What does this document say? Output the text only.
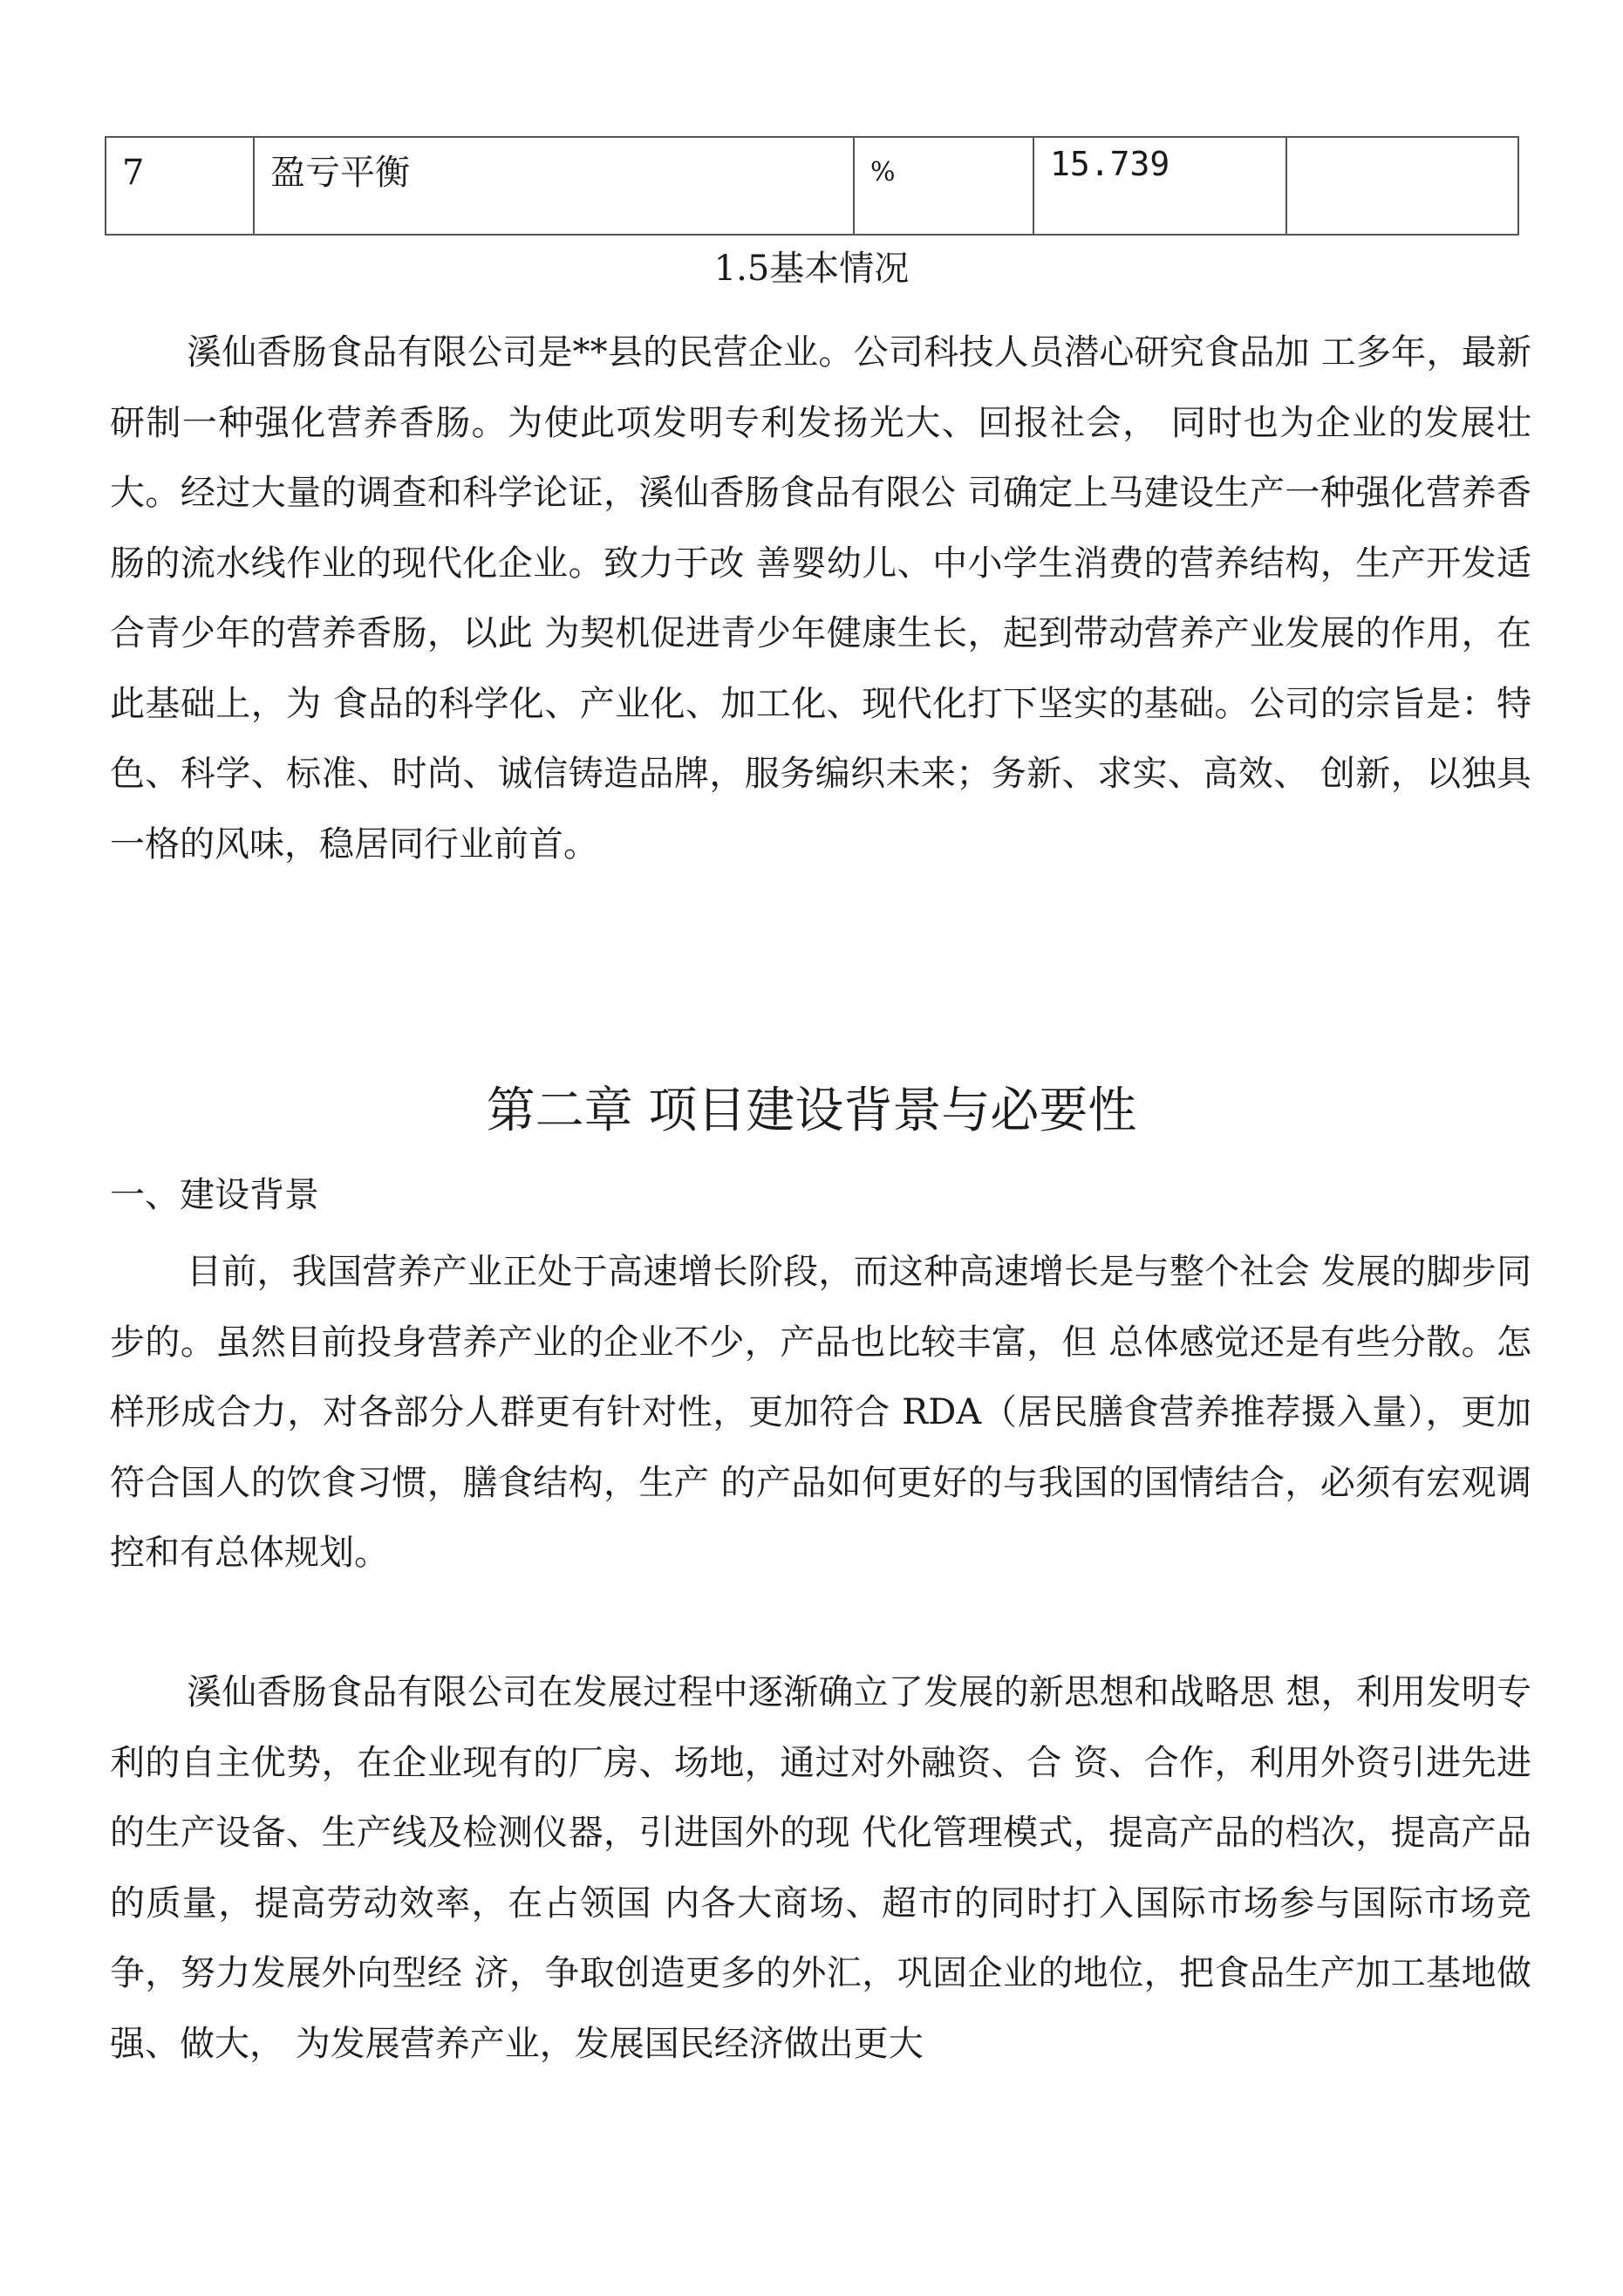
7	盈亏平衡	%	15.739	
1.5基本情况

溪仙香肠食品有限公司是**县的民营企业。公司科技人员潜心研究食品加 工多年，最新研制一种强化营养香肠。为使此项发明专利发扬光大、回报社会， 同时也为企业的发展壮大。经过大量的调查和科学论证，溪仙香肠食品有限公 司确定上马建设生产一种强化营养香肠的流水线作业的现代化企业。致力于改 善婴幼儿、中小学生消费的营养结构，生产开发适合青少年的营养香肠，以此 为契机促进青少年健康生长，起到带动营养产业发展的作用，在此基础上，为 食品的科学化、产业化、加工化、现代化打下坚实的基础。公司的宗旨是：特 色、科学、标准、时尚、诚信铸造品牌，服务编织未来；务新、求实、高效、 创新，以独具一格的风味，稳居同行业前首。

第二章 项目建设背景与必要性
一、建设背景

目前，我国营养产业正处于高速增长阶段，而这种高速增长是与整个社会 发展的脚步同步的。虽然目前投身营养产业的企业不少，产品也比较丰富，但 总体感觉还是有些分散。怎样形成合力，对各部分人群更有针对性，更加符合 RDA（居民膳食营养推荐摄入量），更加符合国人的饮食习惯，膳食结构，生产 的产品如何更好的与我国的国情结合，必须有宏观调控和有总体规划。

溪仙香肠食品有限公司在发展过程中逐渐确立了发展的新思想和战略思 想，利用发明专利的自主优势，在企业现有的厂房、场地，通过对外融资、合 资、合作，利用外资引进先进的生产设备、生产线及检测仪器，引进国外的现 代化管理模式，提高产品的档次，提高产品的质量，提高劳动效率，在占领国 内各大商场、超市的同时打入国际市场参与国际市场竞争，努力发展外向型经 济，争取创造更多的外汇，巩固企业的地位，把食品生产加工基地做强、做大， 为发展营养产业，发展国民经济做出更大
